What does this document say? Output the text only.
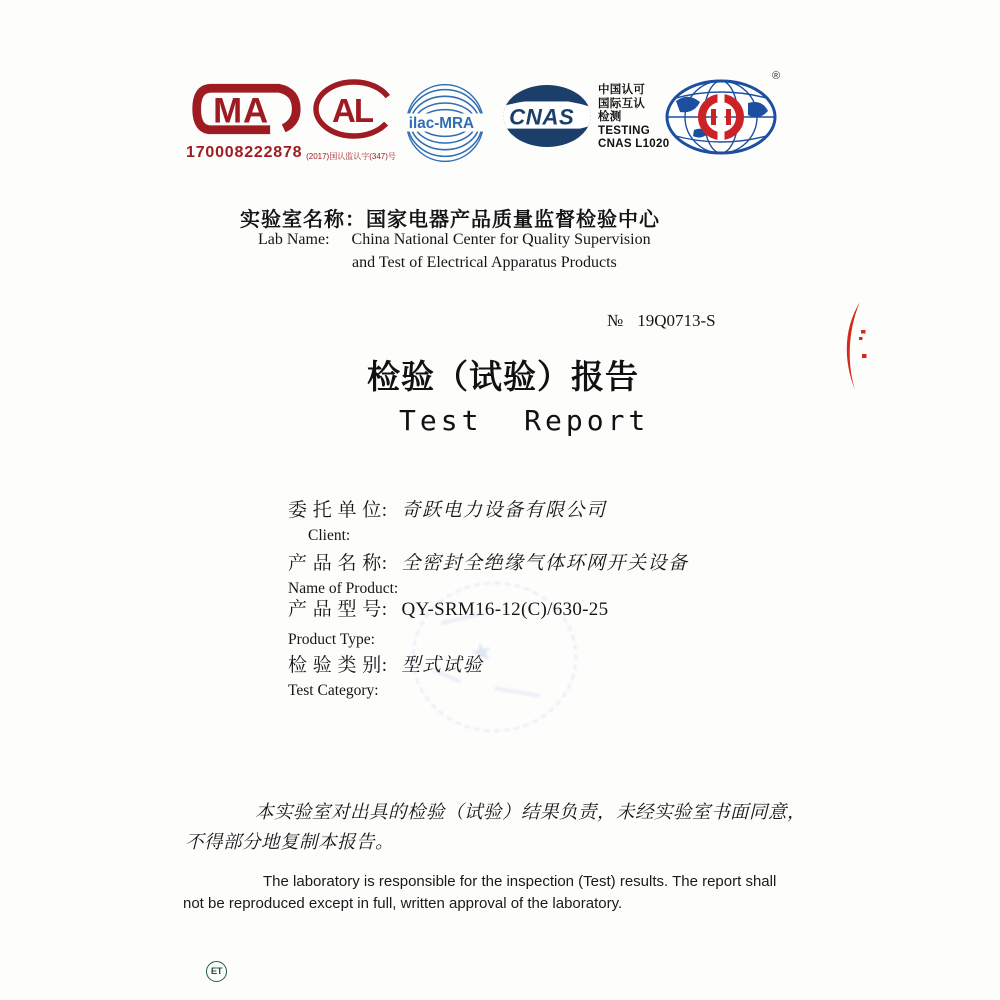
MA
170008222878
AL
(2017)国认监认字(347)号
ilac-MRA CNAS
中国认可
国际互认
检测
TESTING
CNAS L1020
®
实验室名称：国家电器产品质量监督检验中心
Lab Name: China National Center for Quality Supervision
and Test of Electrical Apparatus Products
№ 19Q0713-S
检验（试验）报告
Test  Report
委 托 单 位: 奇跃电力设备有限公司
Client:
产 品 名 称: 全密封全绝缘气体环网开关设备
Name of Product:
产 品 型 号: QY-SRM16-12(C)/630-25
Product Type:
检 验 类 别: 型式试验
Test Category:
★
本实验室对出具的检验（试验）结果负责，未经实验室书面同意，
不得部分地复制本报告。
The laboratory is responsible for the inspection (Test) results. The report shall
not be reproduced except in full, written approval of the laboratory.
ET
